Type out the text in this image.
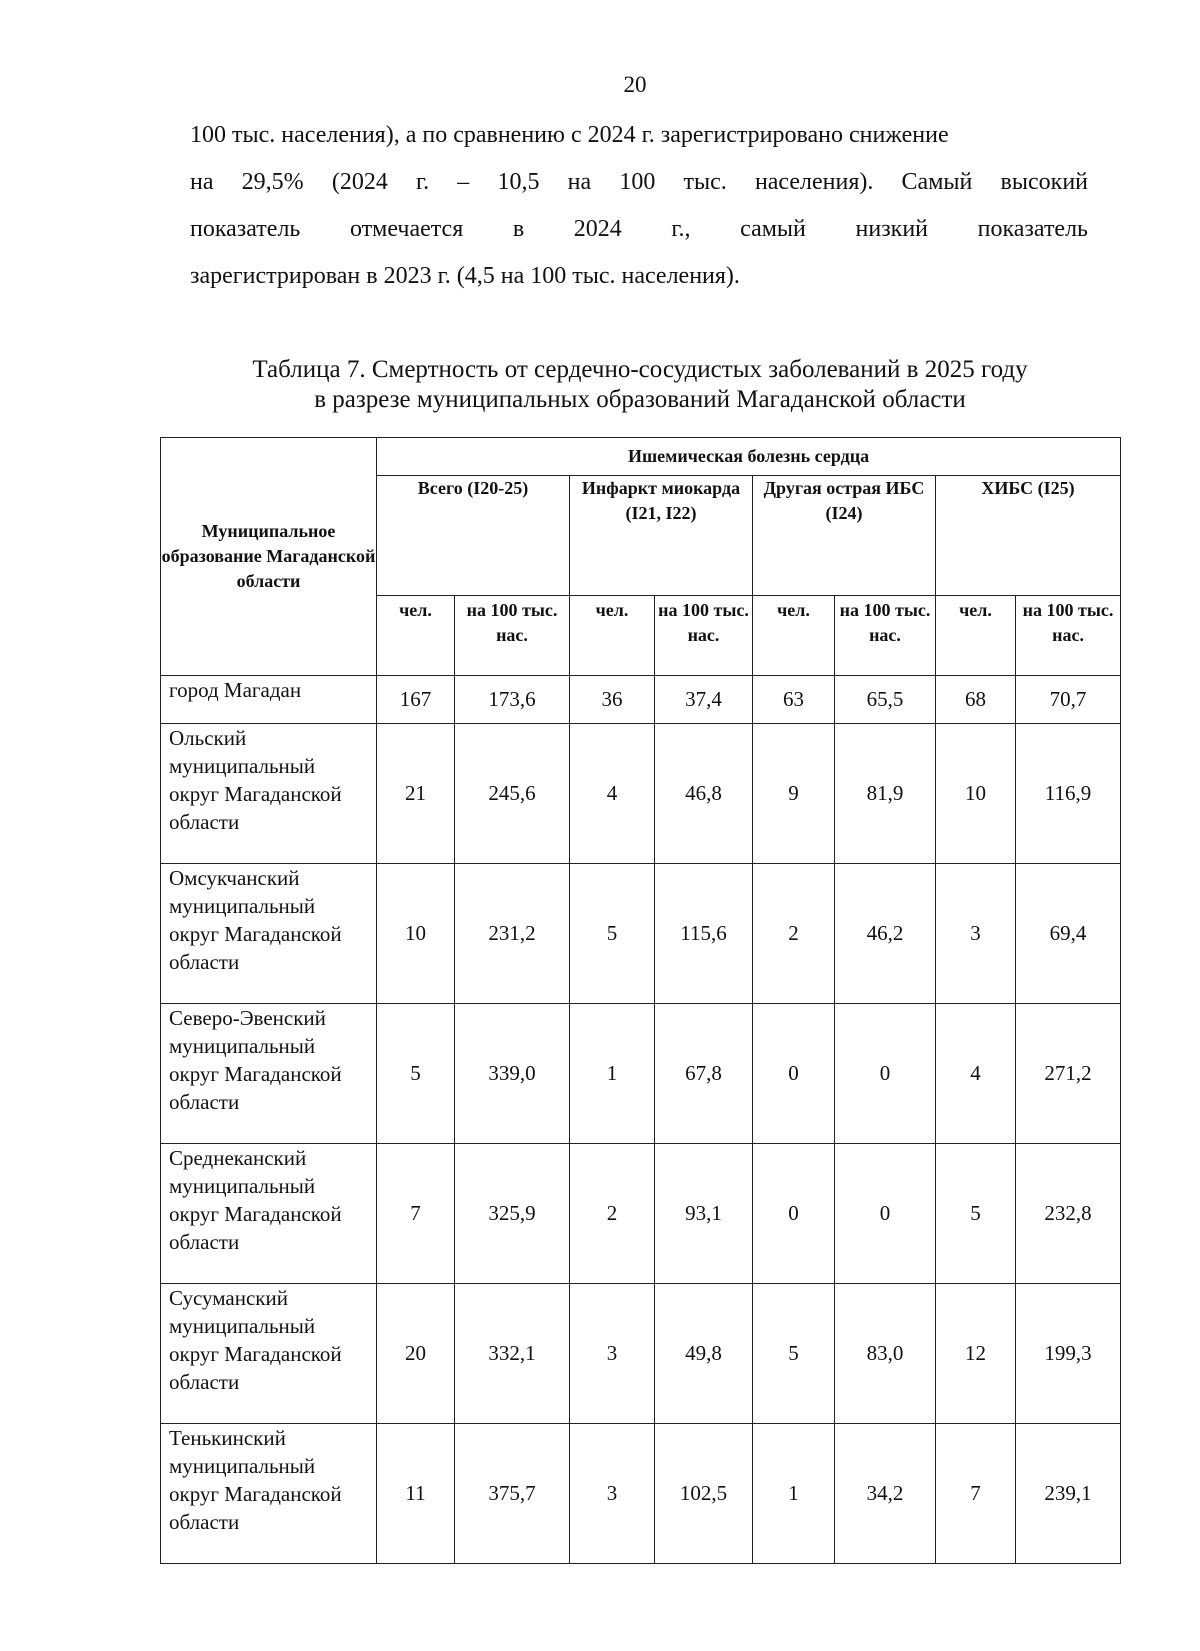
20
100 тыс. населения), а по сравнению с 2024 г. зарегистрировано снижение
на 29,5% (2024 г. – 10,5 на 100 тыс. населения). Самый высокий
показатель отмечается в 2024 г., самый низкий показатель
зарегистрирован в 2023 г. (4,5 на 100 тыс. населения).
Таблица 7. Смертность от сердечно-сосудистых заболеваний в 2025 году
в разрезе муниципальных образований Магаданской области
Муниципальное образование Магаданской области	Ишемическая болезнь сердца							
	Всего (I20-25)		Инфаркт миокарда (I21, I22)		Другая острая ИБС (I24)		ХИБС (I25)	
	чел.	на 100 тыс. нас.	чел.	на 100 тыс. нас.	чел.	на 100 тыс. нас.	чел.	на 100 тыс. нас.
город Магадан	167	173,6	36	37,4	63	65,5	68	70,7
Ольский муниципальный округ Магаданской области	21	245,6	4	46,8	9	81,9	10	116,9
Омсукчанский муниципальный округ Магаданской области	10	231,2	5	115,6	2	46,2	3	69,4
Северо-Эвенский муниципальный округ Магаданской области	5	339,0	1	67,8	0	0	4	271,2
Среднеканский муниципальный округ Магаданской области	7	325,9	2	93,1	0	0	5	232,8
Сусуманский муниципальный округ Магаданской области	20	332,1	3	49,8	5	83,0	12	199,3
Тенькинский муниципальный округ Магаданской области	11	375,7	3	102,5	1	34,2	7	239,1
